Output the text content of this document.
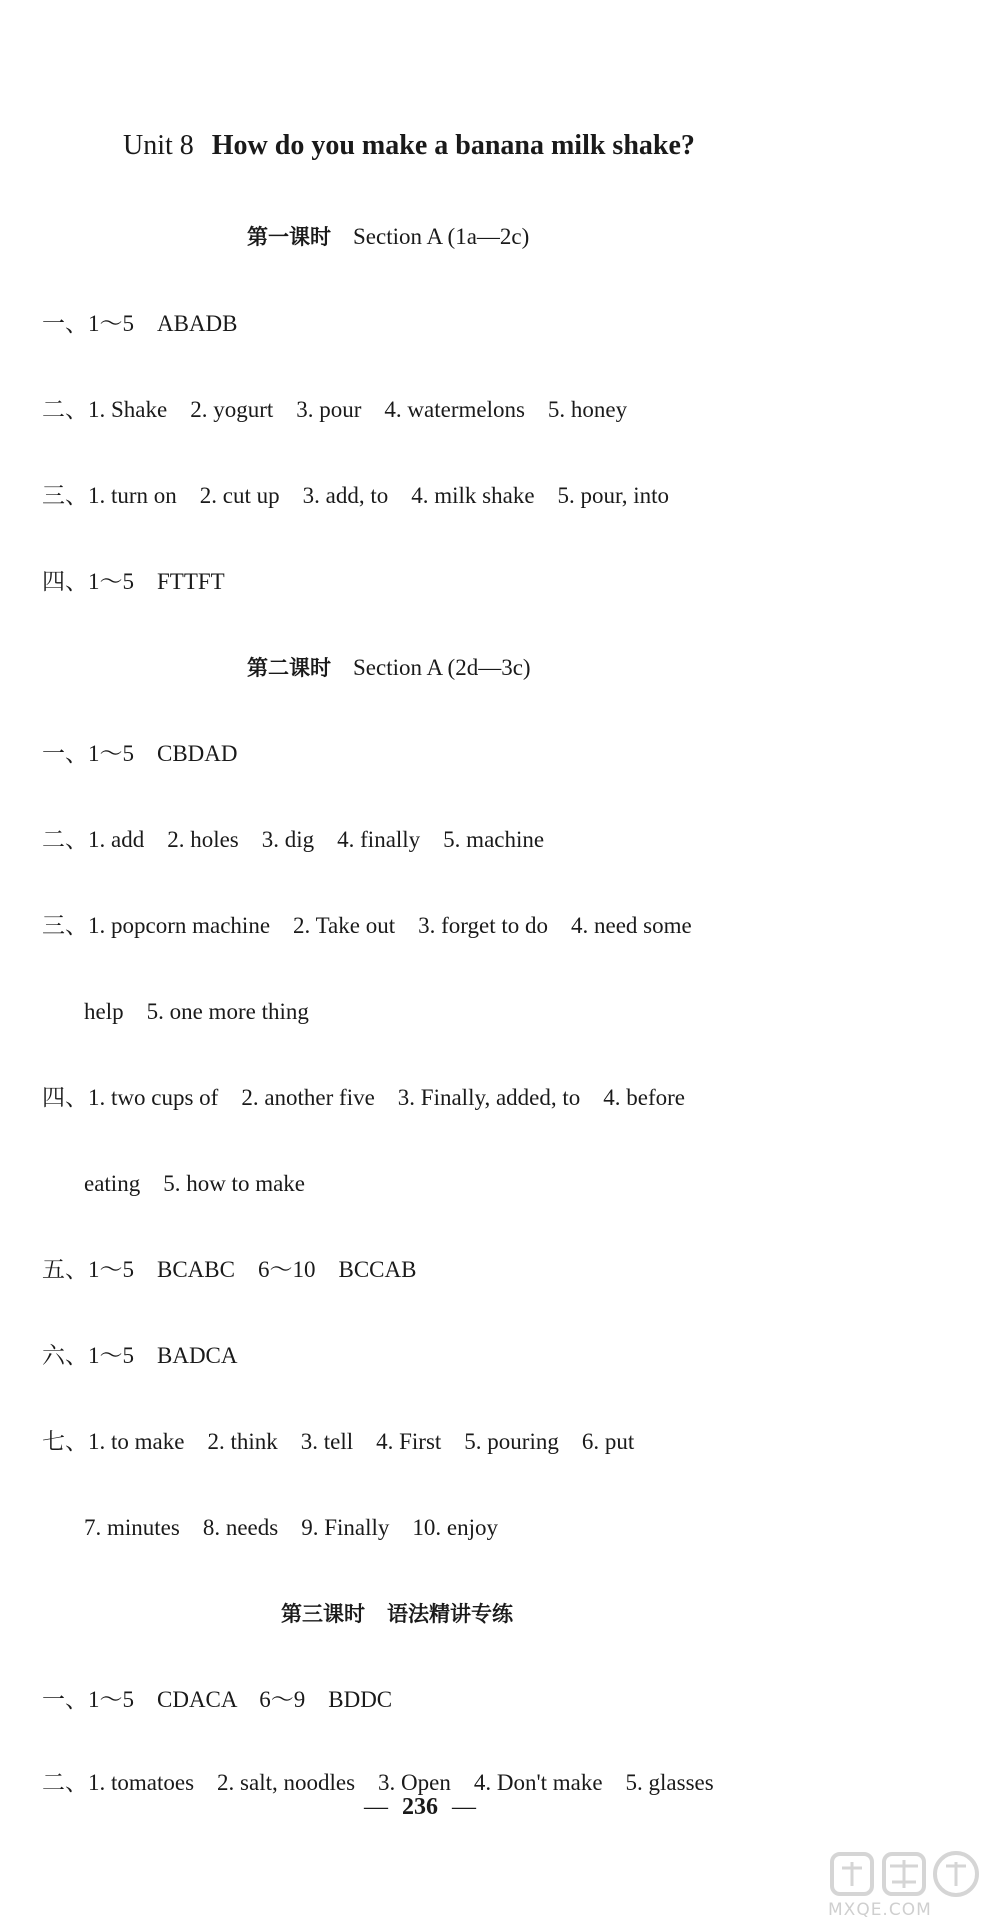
Unit 8 How do you make a banana milk shake?
第一课时 Section A (1a—2c)
一、1～5　ABADB
二、1. Shake　2. yogurt　3. pour　4. watermelons　5. honey
三、1. turn on　2. cut up　3. add, to　4. milk shake　5. pour, into
四、1～5　FTTFT
第二课时 Section A (2d—3c)
一、1～5　CBDAD
二、1. add　2. holes　3. dig　4. finally　5. machine
三、1. popcorn machine　2. Take out　3. forget to do　4. need some
help　5. one more thing
四、1. two cups of　2. another five　3. Finally, added, to　4. before
eating　5. how to make
五、1～5　BCABC　6～10　BCCAB
六、1～5　BADCA
七、1. to make　2. think　3. tell　4. First　5. pouring　6. put
7. minutes　8. needs　9. Finally　10. enjoy
第三课时 语法精讲专练
一、1～5　CDACA　6～9　BDDC
二、1. tomatoes　2. salt, noodles　3. Open　4. Don't make　5. glasses
— 236 —
MXQE.COM
